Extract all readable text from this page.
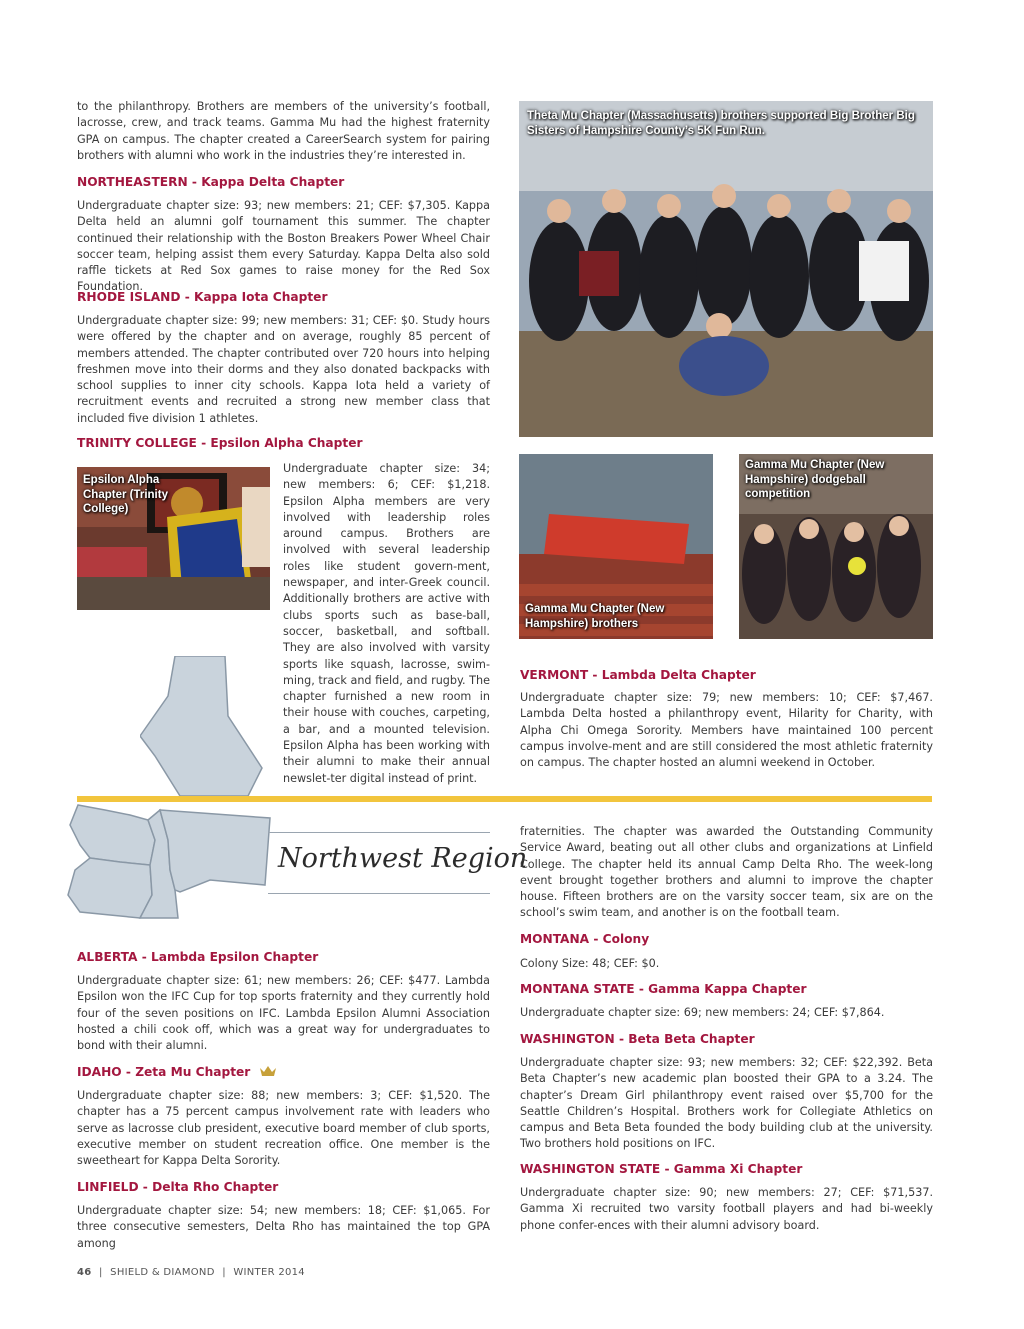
to the philanthropy. Brothers are members of the university’s football, lacrosse, crew, and track teams. Gamma Mu had the highest fraternity GPA on campus. The chapter created a CareerSearch system for pairing brothers with alumni who work in the industries they’re interested in.

NORTHEASTERN - Kappa Delta Chapter

Undergraduate chapter size: 93; new members: 21; CEF: $7,305. Kappa Delta held an alumni golf tournament this summer. The chapter continued their relationship with the Boston Breakers Power Wheel Chair soccer team, helping assist them every Saturday. Kappa Delta also sold raffle tickets at Red Sox games to raise money for the Red Sox Foundation.

RHODE ISLAND - Kappa Iota Chapter

Undergraduate chapter size: 99; new members: 31; CEF: $0. Study hours were offered by the chapter and on average, roughly 85 percent of members attended. The chapter contributed over 720 hours into helping freshmen move into their dorms and they also donated backpacks with school supplies to inner city schools. Kappa Iota held a variety of recruitment events and recruited a strong new member class that included five division 1 athletes.

TRINITY COLLEGE - Epsilon Alpha Chapter
Epsilon Alpha Chapter (Trinity College)

Undergraduate chapter size: 34; new members: 6; CEF: $1,218. Epsilon Alpha members are very involved with leadership roles around campus. Brothers are involved with several leadership roles like student govern-ment, newspaper, and inter-Greek council. Additionally brothers are active with clubs sports such as base-ball, soccer, basketball, and softball. They are also involved with varsity sports like squash, lacrosse, swim-ming, track and field, and rugby. The chapter furnished a new room in their house with couches, carpeting, a bar, and a mounted television. Epsilon Alpha has been working with their alumni to make their annual newslet-ter digital instead of print.

Northwest Region
ALBERTA - Lambda Epsilon Chapter

Undergraduate chapter size: 61; new members: 26; CEF: $477. Lambda Epsilon won the IFC Cup for top sports fraternity and they currently hold four of the seven positions on IFC. Lambda Epsilon Alumni Association hosted a chili cook off, which was a great way for undergraduates to bond with their alumni.

IDAHO - Zeta Mu Chapter

Undergraduate chapter size: 88; new members: 3; CEF: $1,520. The chapter has a 75 percent campus involvement rate with leaders who serve as lacrosse club president, executive board member of club sports, executive member on student recreation office. One member is the sweetheart for Kappa Delta Sorority.

LINFIELD - Delta Rho Chapter

Undergraduate chapter size: 54; new members: 18; CEF: $1,065. For three consecutive semesters, Delta Rho has maintained the top GPA among

Theta Mu Chapter (Massachusetts) brothers supported Big Brother Big Sisters of Hampshire County’s 5K Fun Run.
Gamma Mu Chapter (New Hampshire) brothers
Gamma Mu Chapter (New Hampshire) dodgeball competition
VERMONT - Lambda Delta Chapter

Undergraduate chapter size: 79; new members: 10; CEF: $7,467. Lambda Delta hosted a philanthropy event, Hilarity for Charity, with Alpha Chi Omega Sorority. Members have maintained 100 percent campus involve-ment and are still considered the most athletic fraternity on campus. The chapter hosted an alumni weekend in October.

fraternities. The chapter was awarded the Outstanding Community Service Award, beating out all other clubs and organizations at Linfield College. The chapter held its annual Camp Delta Rho. The week-long event brought together brothers and alumni to improve the chapter house. Fifteen brothers are on the varsity soccer team, six are on the school’s swim team, and another is on the football team.

MONTANA - Colony

Colony Size: 48; CEF: $0.

MONTANA STATE - Gamma Kappa Chapter

Undergraduate chapter size: 69; new members: 24; CEF: $7,864.

WASHINGTON - Beta Beta Chapter

Undergraduate chapter size: 93; new members: 32; CEF: $22,392. Beta Beta Chapter’s new academic plan boosted their GPA to a 3.24. The chapter’s Dream Girl philanthropy event raised over $5,700 for the Seattle Children’s Hospital. Brothers work for Collegiate Athletics on campus and Beta Beta founded the body building club at the university. Two brothers hold positions on IFC.

WASHINGTON STATE - Gamma Xi Chapter

Undergraduate chapter size: 90; new members: 27; CEF: $71,537. Gamma Xi recruited two varsity football players and had bi-weekly phone confer-ences with their alumni advisory board.

46 | SHIELD & DIAMOND | WINTER 2014
